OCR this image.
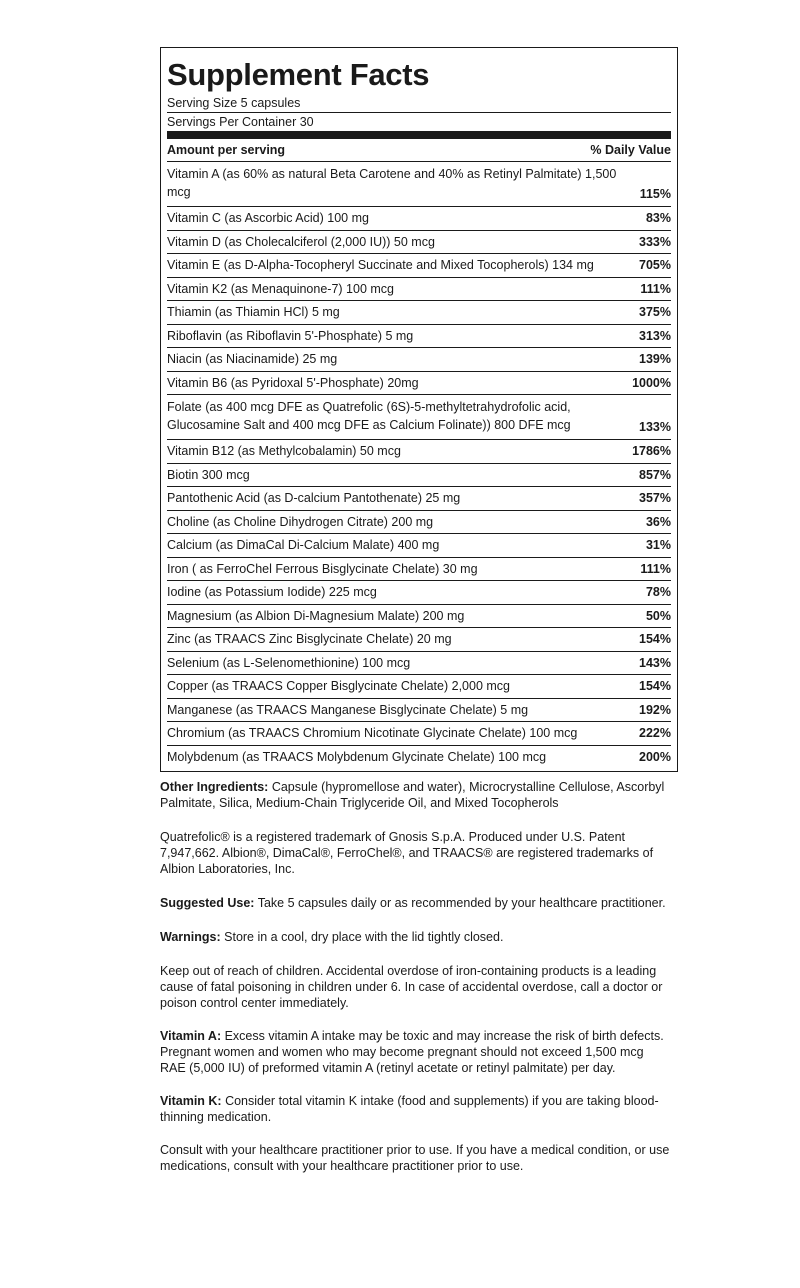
Supplement Facts
Serving Size 5 capsules
Servings Per Container 30
Amount per serving	% Daily Value
Vitamin A (as 60% as natural Beta Carotene and 40% as Retinyl Palmitate) 1,500 mcg	115%
Vitamin C (as Ascorbic Acid) 100 mg	83%
Vitamin D (as Cholecalciferol (2,000 IU)) 50 mcg	333%
Vitamin E (as D-Alpha-Tocopheryl Succinate and Mixed Tocopherols) 134 mg	705%
Vitamin K2 (as Menaquinone-7) 100 mcg	111%
Thiamin (as Thiamin HCl) 5 mg	375%
Riboflavin (as Riboflavin 5'-Phosphate) 5 mg	313%
Niacin (as Niacinamide) 25 mg	139%
Vitamin B6 (as Pyridoxal 5'-Phosphate) 20mg	1000%
Folate (as 400 mcg DFE as Quatrefolic (6S)-5-methyltetrahydrofolic acid, Glucosamine Salt and 400 mcg DFE as Calcium Folinate)) 800 DFE mcg	133%
Vitamin B12 (as Methylcobalamin) 50 mcg	1786%
Biotin 300 mcg	857%
Pantothenic Acid (as D-calcium Pantothenate) 25 mg	357%
Choline (as Choline Dihydrogen Citrate) 200 mg	36%
Calcium (as DimaCal Di-Calcium Malate) 400 mg	31%
Iron ( as FerroChel Ferrous Bisglycinate Chelate) 30 mg	111%
Iodine (as Potassium Iodide) 225 mcg	78%
Magnesium (as Albion Di-Magnesium Malate) 200 mg	50%
Zinc (as TRAACS Zinc Bisglycinate Chelate) 20 mg	154%
Selenium (as L-Selenomethionine) 100 mcg	143%
Copper (as TRAACS Copper Bisglycinate Chelate) 2,000 mcg	154%
Manganese (as TRAACS Manganese Bisglycinate Chelate) 5 mg	192%
Chromium (as TRAACS Chromium Nicotinate Glycinate Chelate) 100 mcg	222%
Molybdenum (as TRAACS Molybdenum Glycinate Chelate) 100 mcg	200%

Other Ingredients: Capsule (hypromellose and water), Microcrystalline Cellulose, Ascorbyl Palmitate, Silica, Medium-Chain Triglyceride Oil, and Mixed Tocopherols

Quatrefolic® is a registered trademark of Gnosis S.p.A. Produced under U.S. Patent 7,947,662. Albion®, DimaCal®, FerroChel®, and TRAACS® are registered trademarks of Albion Laboratories, Inc.

Suggested Use: Take 5 capsules daily or as recommended by your healthcare practitioner.

Warnings: Store in a cool, dry place with the lid tightly closed.

Keep out of reach of children. Accidental overdose of iron-containing products is a leading cause of fatal poisoning in children under 6. In case of accidental overdose, call a doctor or poison control center immediately.

Vitamin A: Excess vitamin A intake may be toxic and may increase the risk of birth defects. Pregnant women and women who may become pregnant should not exceed 1,500 mcg RAE (5,000 IU) of preformed vitamin A (retinyl acetate or retinyl palmitate) per day.

Vitamin K: Consider total vitamin K intake (food and supplements) if you are taking blood-thinning medication.

Consult with your healthcare practitioner prior to use. If you have a medical condition, or use medications, consult with your healthcare practitioner prior to use.
